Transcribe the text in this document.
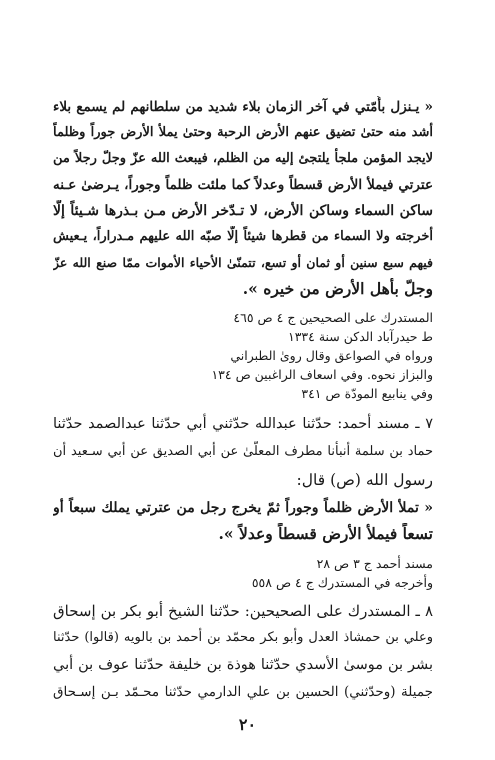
« يـنزل بأُمّتي في آخر الزمان بلاء شديد من سلطانهم لم يسمع بلاء
أشد منه حتىٰ تضيق عنهم الأرض الرحبة وحتىٰ يملأ الأرض جوراً وظلماً
لايجد المؤمن ملجأ يلتجئ إليه من الظلم، فيبعث الله عزّ وجلّ رجلاً من
عترتي فيملأ الأرض قسطاً وعدلاً كما ملئت ظلماً وجوراً، يـرضىٰ عـنه
ساكن السماء وساكن الأرض، لا تـدّخر الأرض مـن بـذرها شـيئاً إلّا
أخرجته ولا السماء من قطرها شيئاً إلّا صبّه الله عليهم مـدراراً، يـعيش
فيهم سبع سنين أو ثمان أو تسع، تتمنّىٰ الأحياء الأموات ممّا صنع الله عزّ
وجلّ بأهل الأرض من خيره ».
المستدرك على الصحيحين ج ٤ ص ٤٦٥
ط حيدرآباد الدكن سنة ١٣٣٤
ورواه في الصواعق وقال روىٰ الطبراني
والبزاز نحوه. وفي اسعاف الراغبين ص ١٣٤
وفي ينابيع المودّة ص ٣٤١
٧ ـ مسند أحمد: حدّثنا عبدالله حدّثني أبي حدّثنا عبدالصمد حدّثنا
حماد بن سلمة أنبأنا مطرف المعلّىٰ عن أبي الصديق عن أبي سـعيد أن
رسول الله (ص) قال:
« تملأ الأرض ظلماً وجوراً ثمّ يخرج رجل من عترتي يملك سبعاً أو
تسعاً فيملأ الأرض قسطاً وعدلاً ».
مسند أحمد ج ٣ ص ٢٨
وأخرجه في المستدرك ج ٤ ص ٥٥٨
٨ ـ المستدرك على الصحيحين: حدّثنا الشيخ أبو بكر بن إسحاق
وعلي بن حمشاذ العدل وأبو بكر محمّد بن أحمد بن بالويه (قالوا) حدّثنا
بشر بن موسىٰ الأسدي حدّثنا هوذة بن خليفة حدّثنا عوف بن أبي
جميلة (وحدّثني) الحسين بن علي الدارمي حدّثنا محـمّد بـن إسـحاق
٢٠
